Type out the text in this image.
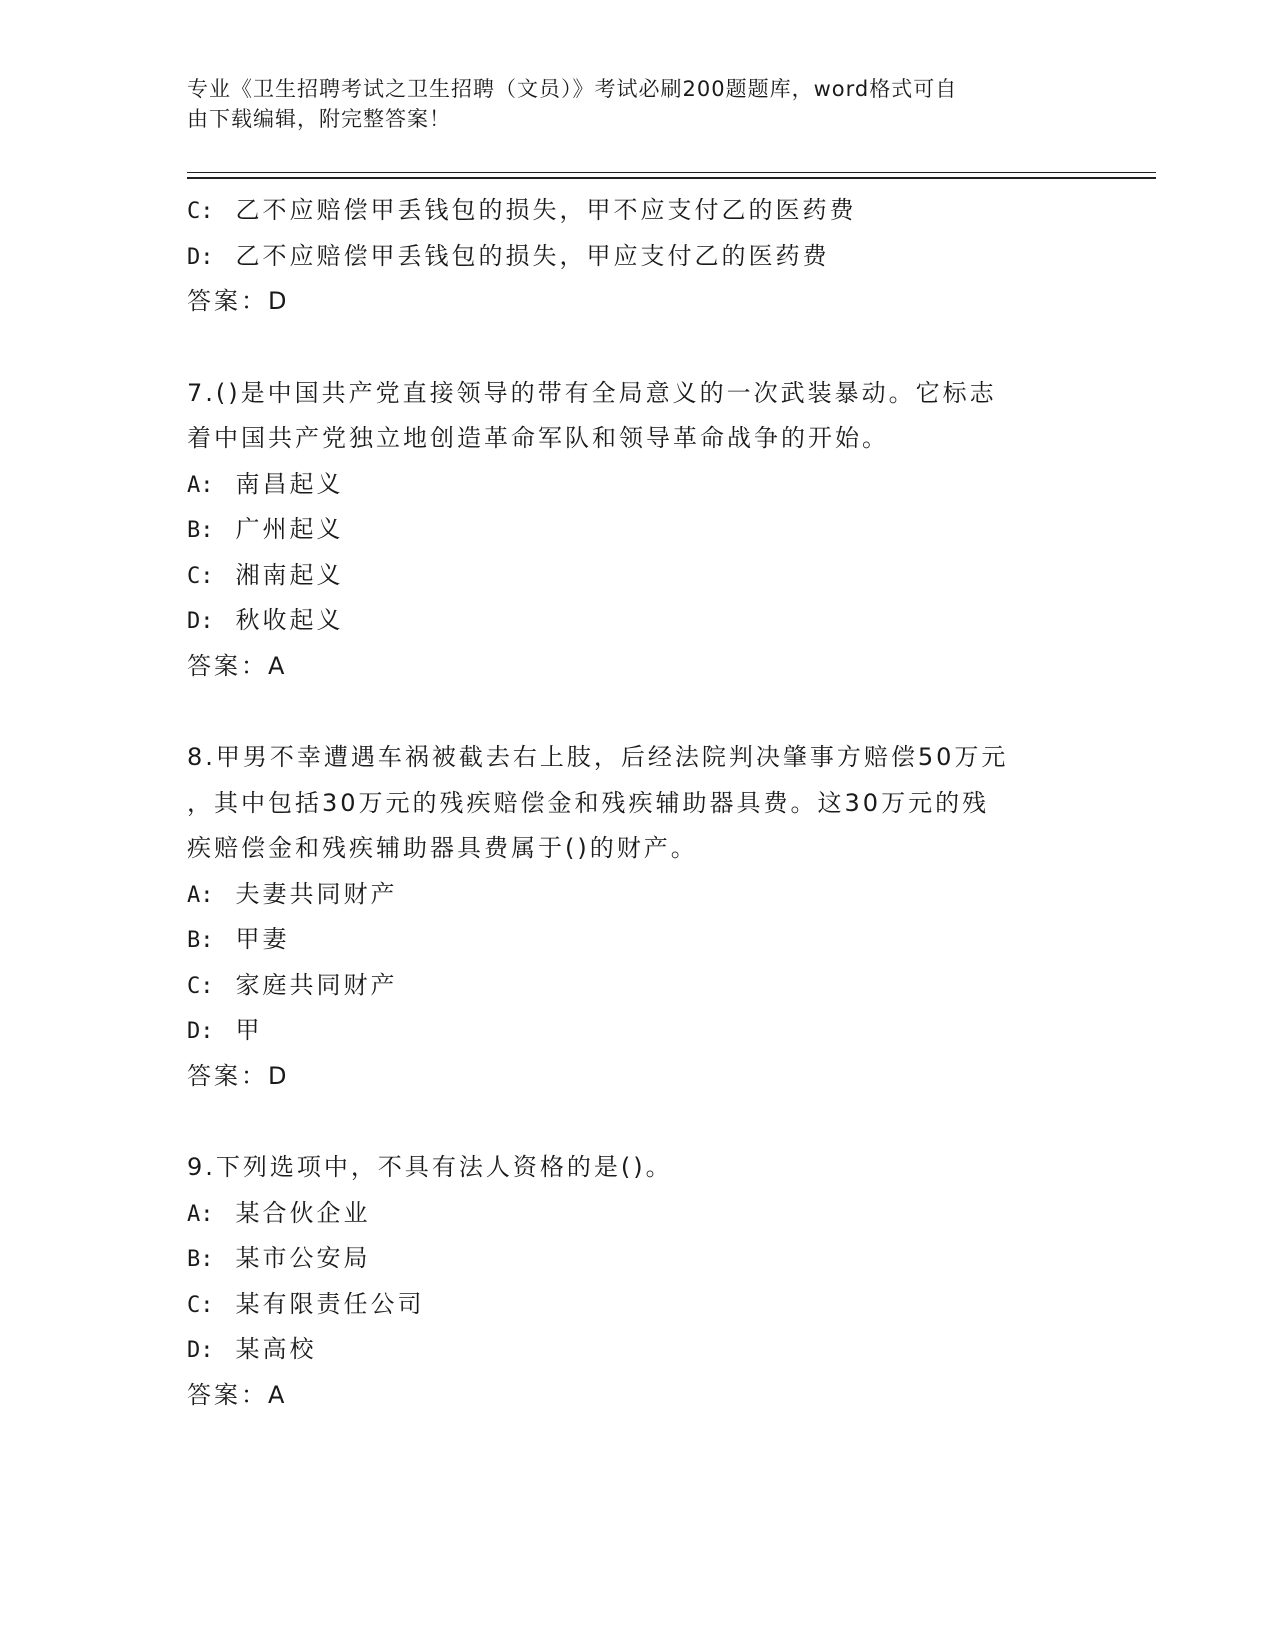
专业《卫生招聘考试之卫生招聘（文员）》考试必刷200题题库，word格式可自
由下载编辑，附完整答案！
C: 乙不应赔偿甲丢钱包的损失，甲不应支付乙的医药费
D: 乙不应赔偿甲丢钱包的损失，甲应支付乙的医药费
答案：D
7.()是中国共产党直接领导的带有全局意义的一次武装暴动。它标志
着中国共产党独立地创造革命军队和领导革命战争的开始。
A: 南昌起义
B: 广州起义
C: 湘南起义
D: 秋收起义
答案：A
8.甲男不幸遭遇车祸被截去右上肢，后经法院判决肇事方赔偿50万元
，其中包括30万元的残疾赔偿金和残疾辅助器具费。这30万元的残
疾赔偿金和残疾辅助器具费属于()的财产。
A: 夫妻共同财产
B: 甲妻
C: 家庭共同财产
D: 甲
答案：D
9.下列选项中，不具有法人资格的是()。
A: 某合伙企业
B: 某市公安局
C: 某有限责任公司
D: 某高校
答案：A
